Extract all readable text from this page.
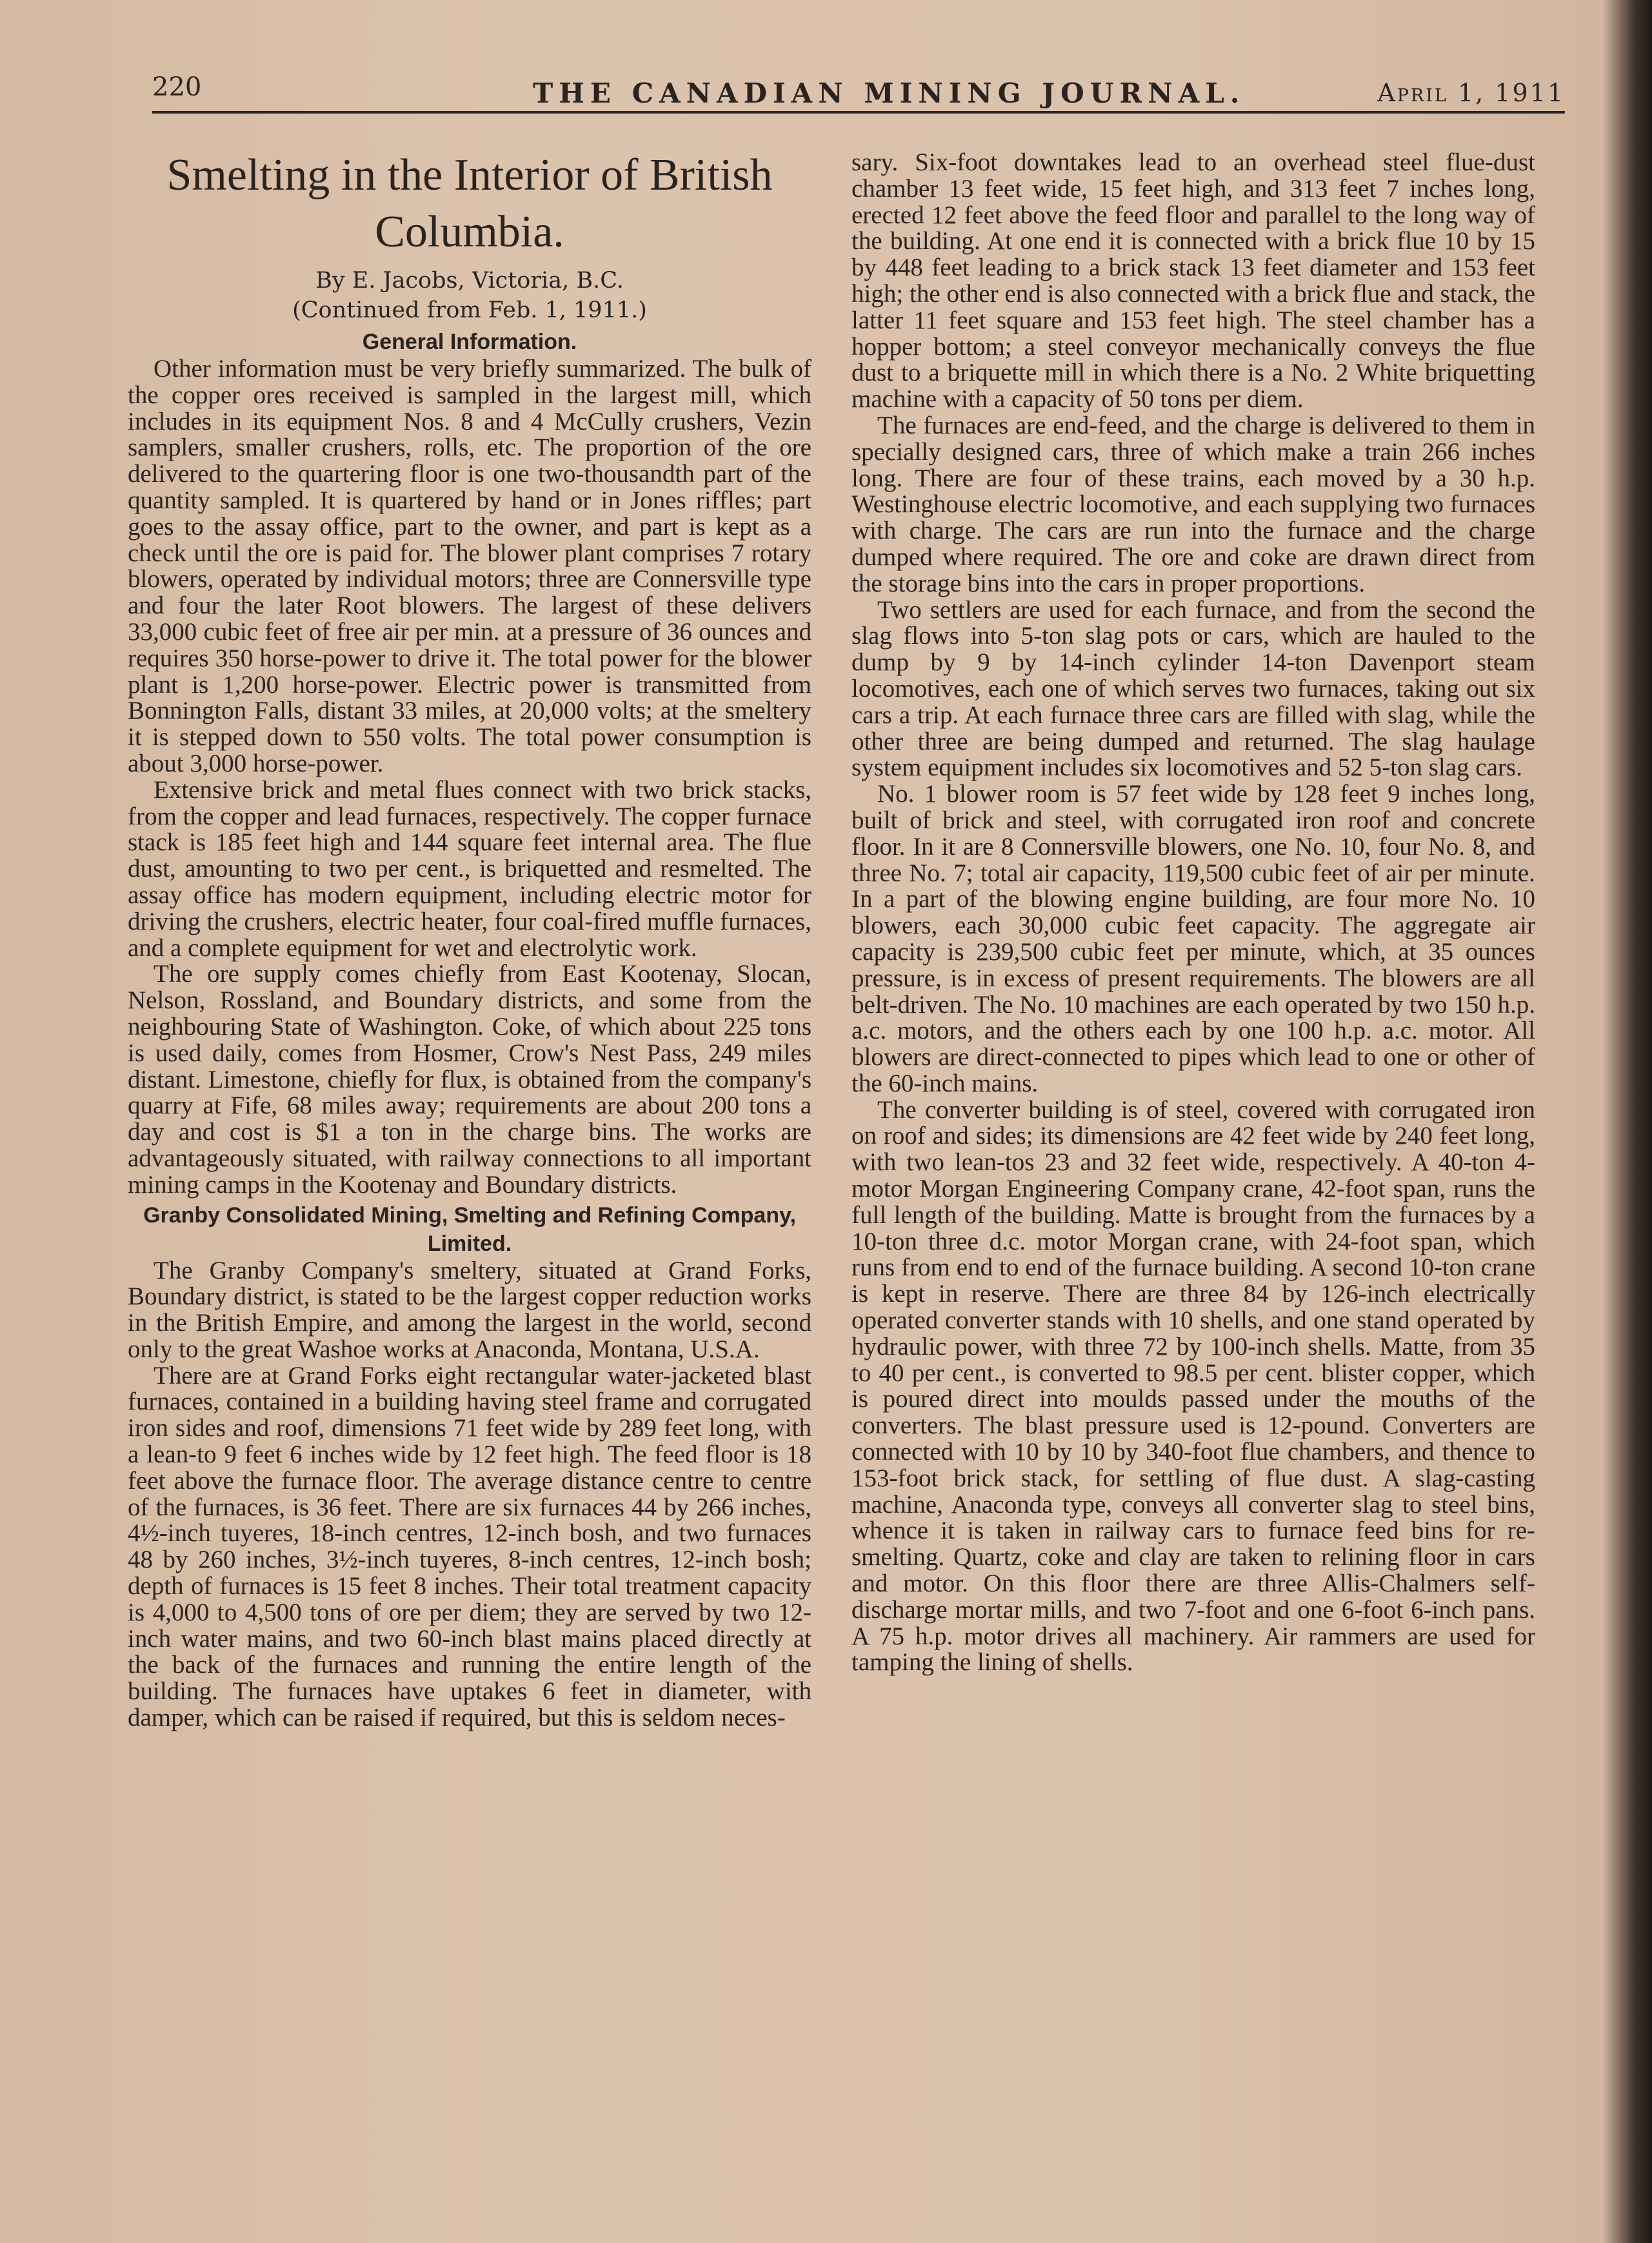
220	THE CANADIAN MINING JOURNAL.	April 1, 1911
Smelting in the Interior of British Columbia.

By E. Jacobs, Victoria, B.C.

(Continued from Feb. 1, 1911.)

General Information.

Other information must be very briefly summarized. The bulk of the copper ores received is sampled in the largest mill, which includes in its equipment Nos. 8 and 4 McCully crushers, Vezin samplers, smaller crushers, rolls, etc. The proportion of the ore delivered to the quartering floor is one two-thousandth part of the quantity sampled. It is quartered by hand or in Jones riffles; part goes to the assay office, part to the owner, and part is kept as a check until the ore is paid for. The blower plant comprises 7 rotary blowers, operated by individual motors; three are Connersville type and four the later Root blowers. The largest of these delivers 33,000 cubic feet of free air per min. at a pressure of 36 ounces and requires 350 horse-power to drive it. The total power for the blower plant is 1,200 horse-power. Electric power is transmitted from Bonnington Falls, distant 33 miles, at 20,000 volts; at the smeltery it is stepped down to 550 volts. The total power consumption is about 3,000 horse-power.

Extensive brick and metal flues connect with two brick stacks, from the copper and lead furnaces, respectively. The copper furnace stack is 185 feet high and 144 square feet internal area. The flue dust, amounting to two per cent., is briquetted and resmelted. The assay office has modern equipment, including electric motor for driving the crushers, electric heater, four coal-fired muffle furnaces, and a complete equipment for wet and electrolytic work.

The ore supply comes chiefly from East Kootenay, Slocan, Nelson, Rossland, and Boundary districts, and some from the neighbouring State of Washington. Coke, of which about 225 tons is used daily, comes from Hosmer, Crow's Nest Pass, 249 miles distant. Limestone, chiefly for flux, is obtained from the company's quarry at Fife, 68 miles away; requirements are about 200 tons a day and cost is $1 a ton in the charge bins. The works are advantageously situated, with railway connections to all important mining camps in the Kootenay and Boundary districts.

Granby Consolidated Mining, Smelting and Refining Company, Limited.

The Granby Company's smeltery, situated at Grand Forks, Boundary district, is stated to be the largest copper reduction works in the British Empire, and among the largest in the world, second only to the great Washoe works at Anaconda, Montana, U.S.A.

There are at Grand Forks eight rectangular water-jacketed blast furnaces, contained in a building having steel frame and corrugated iron sides and roof, dimensions 71 feet wide by 289 feet long, with a lean-to 9 feet 6 inches wide by 12 feet high. The feed floor is 18 feet above the furnace floor. The average distance centre to centre of the furnaces, is 36 feet. There are six furnaces 44 by 266 inches, 4½-inch tuyeres, 18-inch centres, 12-inch bosh, and two furnaces 48 by 260 inches, 3½-inch tuyeres, 8-inch centres, 12-inch bosh; depth of furnaces is 15 feet 8 inches. Their total treatment capacity is 4,000 to 4,500 tons of ore per diem; they are served by two 12-inch water mains, and two 60-inch blast mains placed directly at the back of the furnaces and running the entire length of the building. The furnaces have uptakes 6 feet in diameter, with damper, which can be raised if required, but this is seldom neces-

sary. Six-foot downtakes lead to an overhead steel flue-dust chamber 13 feet wide, 15 feet high, and 313 feet 7 inches long, erected 12 feet above the feed floor and parallel to the long way of the building. At one end it is connected with a brick flue 10 by 15 by 448 feet leading to a brick stack 13 feet diameter and 153 feet high; the other end is also connected with a brick flue and stack, the latter 11 feet square and 153 feet high. The steel chamber has a hopper bottom; a steel conveyor mechanically conveys the flue dust to a briquette mill in which there is a No. 2 White briquetting machine with a capacity of 50 tons per diem.

The furnaces are end-feed, and the charge is delivered to them in specially designed cars, three of which make a train 266 inches long. There are four of these trains, each moved by a 30 h.p. Westinghouse electric locomotive, and each supplying two furnaces with charge. The cars are run into the furnace and the charge dumped where required. The ore and coke are drawn direct from the storage bins into the cars in proper proportions.

Two settlers are used for each furnace, and from the second the slag flows into 5-ton slag pots or cars, which are hauled to the dump by 9 by 14-inch cylinder 14-ton Davenport steam locomotives, each one of which serves two furnaces, taking out six cars a trip. At each furnace three cars are filled with slag, while the other three are being dumped and returned. The slag haulage system equipment includes six locomotives and 52 5-ton slag cars.

No. 1 blower room is 57 feet wide by 128 feet 9 inches long, built of brick and steel, with corrugated iron roof and concrete floor. In it are 8 Connersville blowers, one No. 10, four No. 8, and three No. 7; total air capacity, 119,500 cubic feet of air per minute. In a part of the blowing engine building, are four more No. 10 blowers, each 30,000 cubic feet capacity. The aggregate air capacity is 239,500 cubic feet per minute, which, at 35 ounces pressure, is in excess of present requirements. The blowers are all belt-driven. The No. 10 machines are each operated by two 150 h.p. a.c. motors, and the others each by one 100 h.p. a.c. motor. All blowers are direct-connected to pipes which lead to one or other of the 60-inch mains.

The converter building is of steel, covered with corrugated iron on roof and sides; its dimensions are 42 feet wide by 240 feet long, with two lean-tos 23 and 32 feet wide, respectively. A 40-ton 4-motor Morgan Engineering Company crane, 42-foot span, runs the full length of the building. Matte is brought from the furnaces by a 10-ton three d.c. motor Morgan crane, with 24-foot span, which runs from end to end of the furnace building. A second 10-ton crane is kept in reserve. There are three 84 by 126-inch electrically operated converter stands with 10 shells, and one stand operated by hydraulic power, with three 72 by 100-inch shells. Matte, from 35 to 40 per cent., is converted to 98.5 per cent. blister copper, which is poured direct into moulds passed under the mouths of the converters. The blast pressure used is 12-pound. Converters are connected with 10 by 10 by 340-foot flue chambers, and thence to 153-foot brick stack, for settling of flue dust. A slag-casting machine, Anaconda type, conveys all converter slag to steel bins, whence it is taken in railway cars to furnace feed bins for re-smelting. Quartz, coke and clay are taken to relining floor in cars and motor. On this floor there are three Allis-Chalmers self-discharge mortar mills, and two 7-foot and one 6-foot 6-inch pans. A 75 h.p. motor drives all machinery. Air rammers are used for tamping the lining of shells.
